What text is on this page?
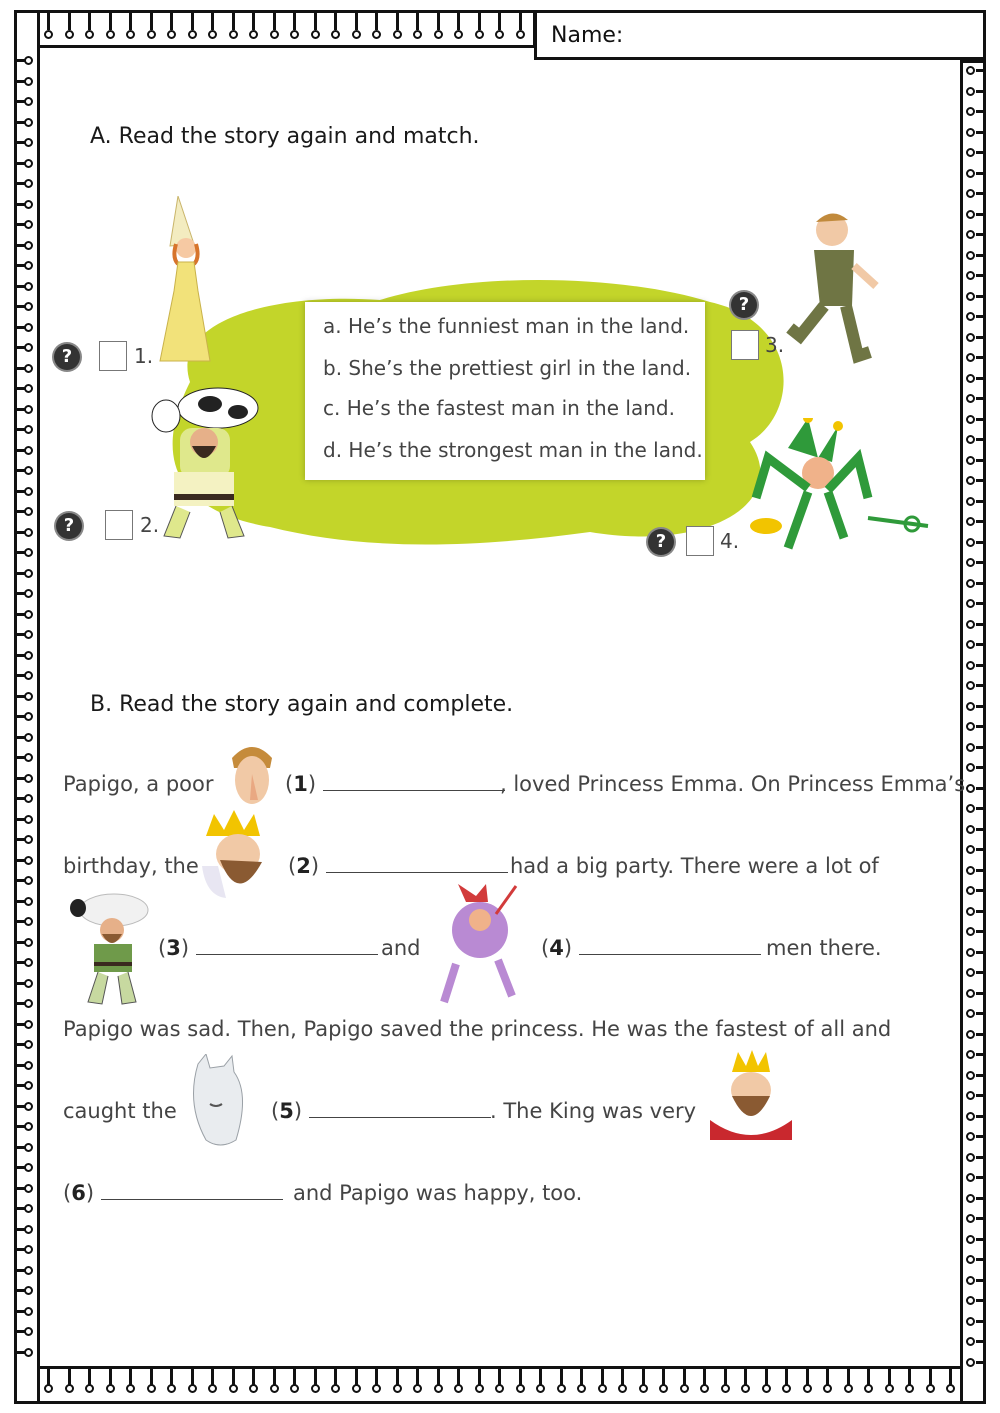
Name:
A. Read the story again and match.
a. He’s the funniest man in the land.
b. She’s the prettiest girl in the land.
c. He’s the fastest man in the land.
d. He’s the strongest man in the land.
?	1.
?	2.
?
3.
?	4.
B. Read the story again and complete.
Papigo, a poor	(1)	, loved Princess Emma. On Princess Emma’s
birthday, the	(2)	had a big party. There were a lot of
(3)	and	(4)	men there.
Papigo was sad. Then, Papigo saved the princess. He was the fastest of all and
caught the	(5)	. The King was very
(6)	and Papigo was happy, too.
